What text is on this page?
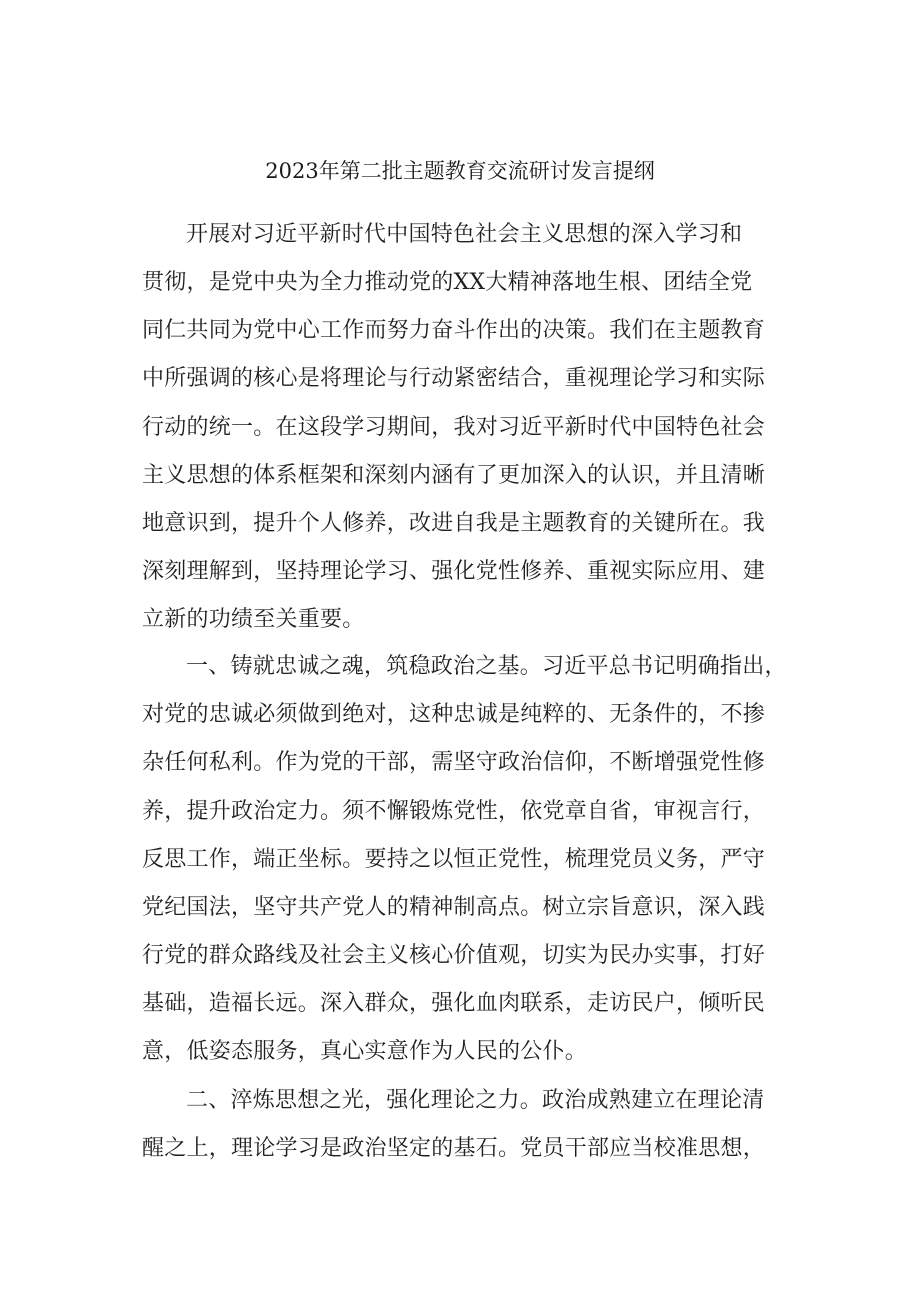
2023年第二批主题教育交流研讨发言提纲

开展对习近平新时代中国特色社会主义思想的深入学习和

贯彻，是党中央为全力推动党的XX大精神落地生根、团结全党

同仁共同为党中心工作而努力奋斗作出的决策。我们在主题教育

中所强调的核心是将理论与行动紧密结合，重视理论学习和实际

行动的统一。在这段学习期间，我对习近平新时代中国特色社会

主义思想的体系框架和深刻内涵有了更加深入的认识，并且清晰

地意识到，提升个人修养，改进自我是主题教育的关键所在。我

深刻理解到，坚持理论学习、强化党性修养、重视实际应用、建

立新的功绩至关重要。

一、铸就忠诚之魂，筑稳政治之基。习近平总书记明确指出，

对党的忠诚必须做到绝对，这种忠诚是纯粹的、无条件的，不掺

杂任何私利。作为党的干部，需坚守政治信仰，不断增强党性修

养，提升政治定力。须不懈锻炼党性，依党章自省，审视言行，

反思工作，端正坐标。要持之以恒正党性，梳理党员义务，严守

党纪国法，坚守共产党人的精神制高点。树立宗旨意识，深入践

行党的群众路线及社会主义核心价值观，切实为民办实事，打好

基础，造福长远。深入群众，强化血肉联系，走访民户，倾听民

意，低姿态服务，真心实意作为人民的公仆。

二、淬炼思想之光，强化理论之力。政治成熟建立在理论清

醒之上，理论学习是政治坚定的基石。党员干部应当校准思想，
